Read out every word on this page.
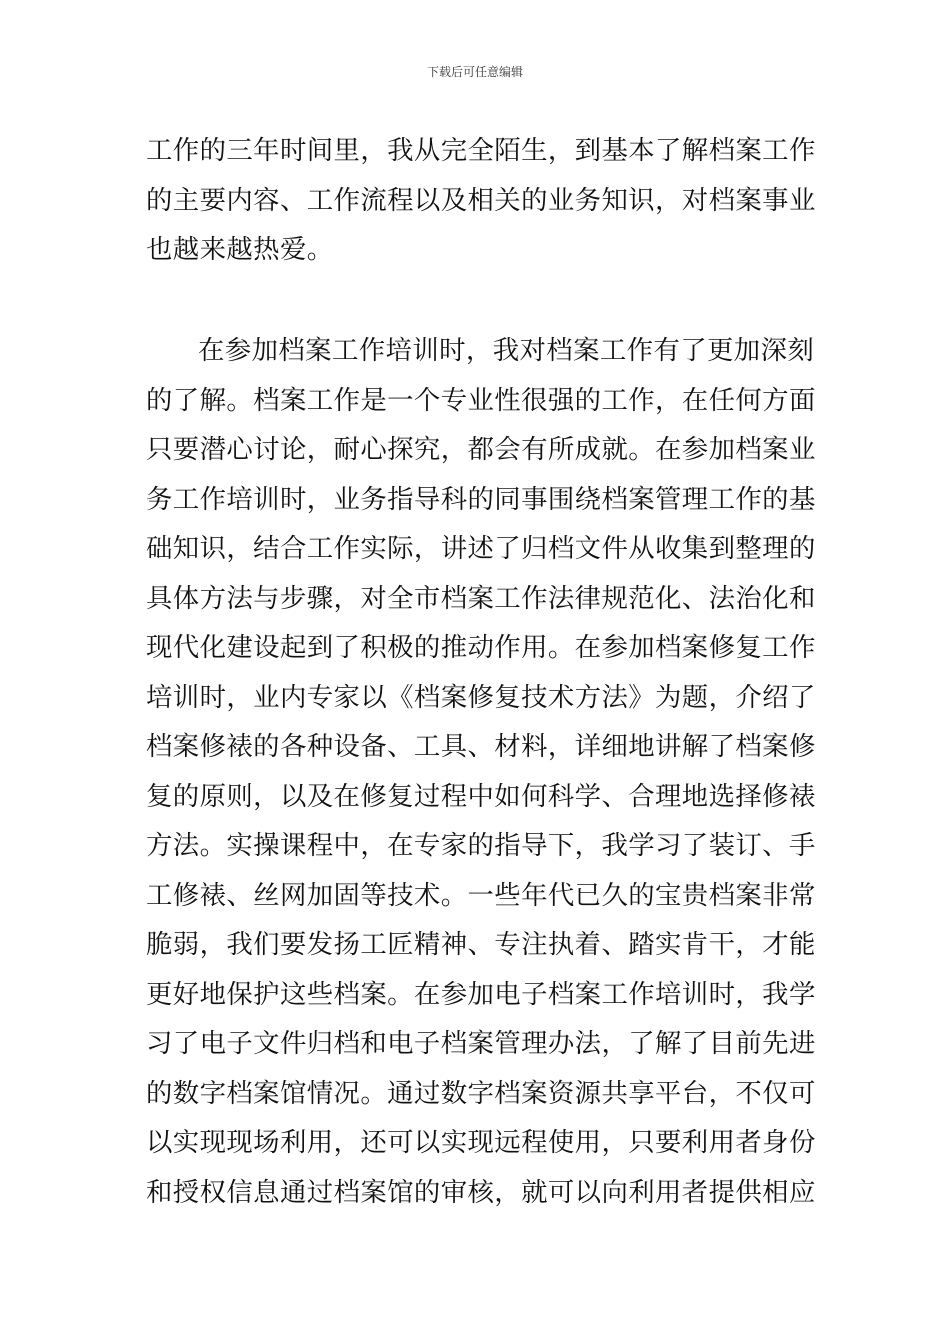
下载后可任意编辑
工作的三年时间里，我从完全陌生，到基本了解档案工作
的主要内容、工作流程以及相关的业务知识，对档案事业
也越来越热爱。
在参加档案工作培训时，我对档案工作有了更加深刻
的了解。档案工作是一个专业性很强的工作，在任何方面
只要潜心讨论，耐心探究，都会有所成就。在参加档案业
务工作培训时，业务指导科的同事围绕档案管理工作的基
础知识，结合工作实际，讲述了归档文件从收集到整理的
具体方法与步骤，对全市档案工作法律规范化、法治化和
现代化建设起到了积极的推动作用。在参加档案修复工作
培训时，业内专家以《档案修复技术方法》为题，介绍了
档案修裱的各种设备、工具、材料，详细地讲解了档案修
复的原则，以及在修复过程中如何科学、合理地选择修裱
方法。实操课程中，在专家的指导下，我学习了装订、手
工修裱、丝网加固等技术。一些年代已久的宝贵档案非常
脆弱，我们要发扬工匠精神、专注执着、踏实肯干，才能
更好地保护这些档案。在参加电子档案工作培训时，我学
习了电子文件归档和电子档案管理办法，了解了目前先进
的数字档案馆情况。通过数字档案资源共享平台，不仅可
以实现现场利用，还可以实现远程使用，只要利用者身份
和授权信息通过档案馆的审核，就可以向利用者提供相应
